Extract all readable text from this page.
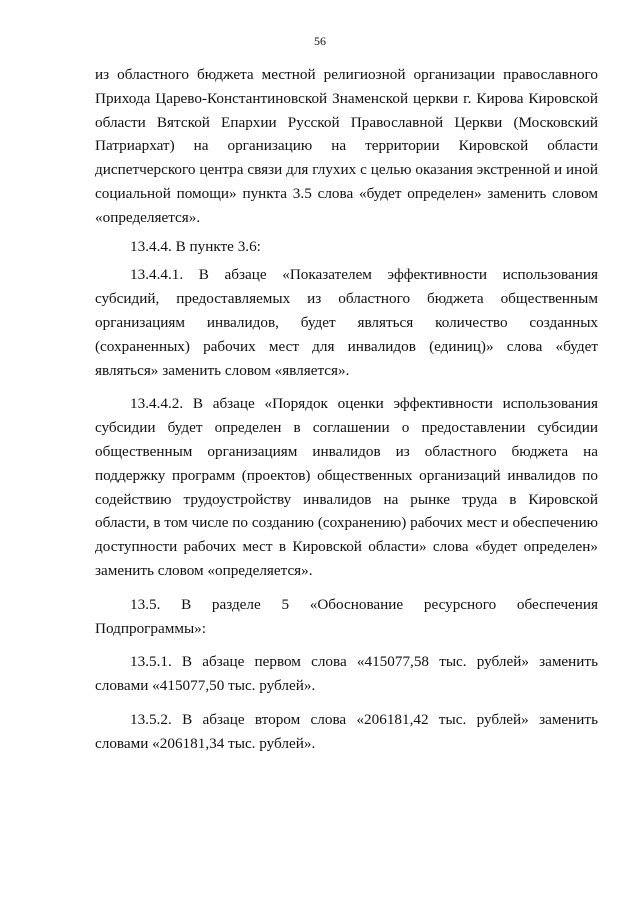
56

из областного бюджета местной религиозной организации православного Прихода Царево-Константиновской Знаменской церкви г. Кирова Кировской области Вятской Епархии Русской Православной Церкви (Московский Патриархат) на организацию на территории Кировской области диспетчерского центра связи для глухих с целью оказания экстренной и иной социальной помощи» пункта 3.5 слова «будет определен» заменить словом «определяется».

13.4.4. В пункте 3.6:

13.4.4.1. В абзаце «Показателем эффективности использования субсидий, предоставляемых из областного бюджета общественным организациям инвалидов, будет являться количество созданных (сохраненных) рабочих мест для инвалидов (единиц)» слова «будет являться» заменить словом «является».

13.4.4.2. В абзаце «Порядок оценки эффективности использования субсидии будет определен в соглашении о предоставлении субсидии общественным организациям инвалидов из областного бюджета на поддержку программ (проектов) общественных организаций инвалидов по содействию трудоустройству инвалидов на рынке труда в Кировской области, в том числе по созданию (сохранению) рабочих мест и обеспечению доступности рабочих мест в Кировской области» слова «будет определен» заменить словом «определяется».

13.5. В разделе 5 «Обоснование ресурсного обеспечения Подпрограммы»:

13.5.1. В абзаце первом слова «415077,58 тыс. рублей» заменить словами «415077,50 тыс. рублей».

13.5.2. В абзаце втором слова «206181,42 тыс. рублей» заменить словами «206181,34 тыс. рублей».
